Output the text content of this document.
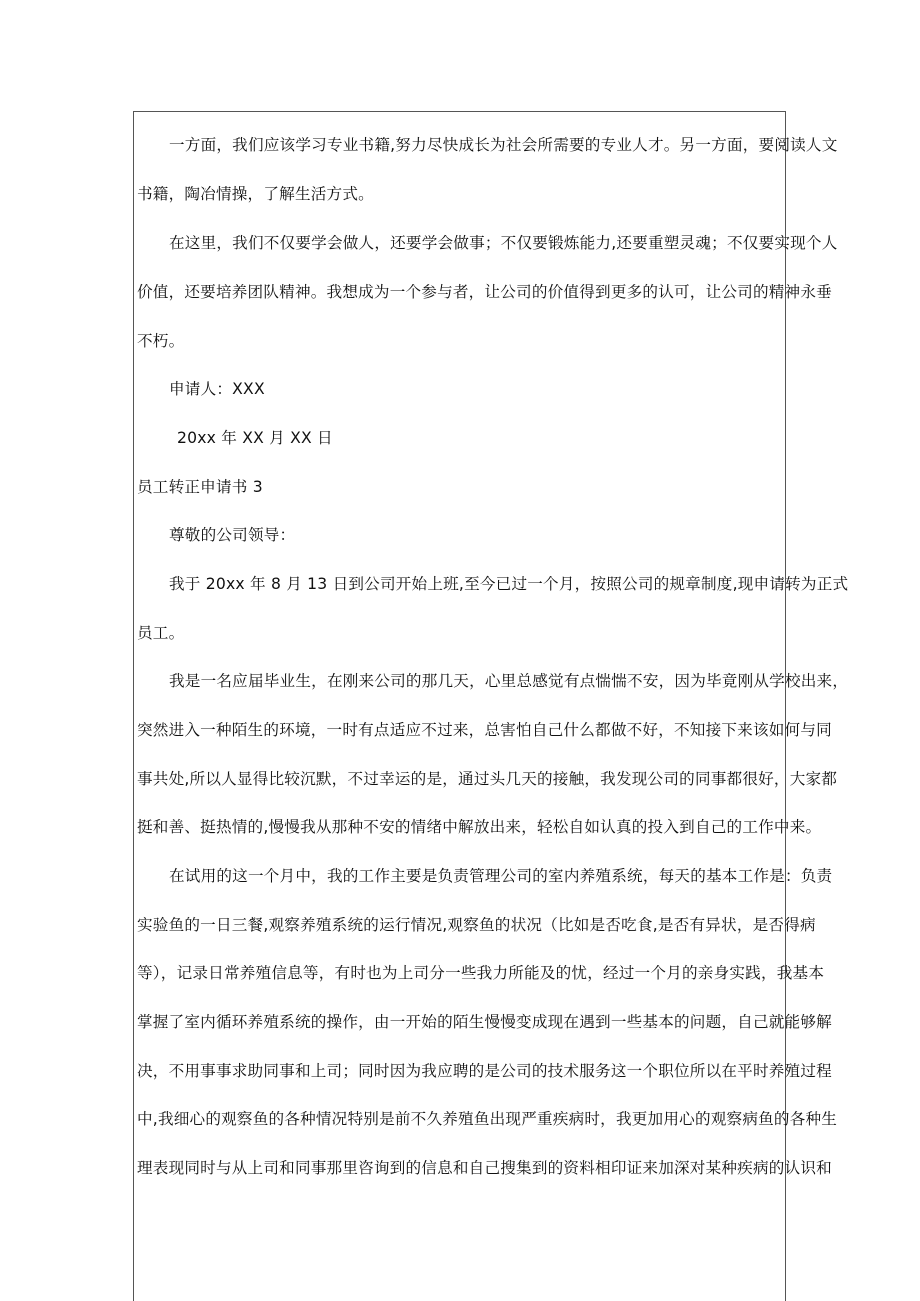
一方面，我们应该学习专业书籍,努力尽快成长为社会所需要的专业人才。另一方面，要阅读人文
书籍，陶冶情操，了解生活方式。
在这里，我们不仅要学会做人，还要学会做事；不仅要锻炼能力,还要重塑灵魂；不仅要实现个人
价值，还要培养团队精神。我想成为一个参与者，让公司的价值得到更多的认可，让公司的精神永垂
不朽。
申请人：XXX
20xx 年 XX 月 XX 日
员工转正申请书 3
尊敬的公司领导：
我于 20xx 年 8 月 13 日到公司开始上班,至今已过一个月，按照公司的规章制度,现申请转为正式
员工。
我是一名应届毕业生，在刚来公司的那几天，心里总感觉有点惴惴不安，因为毕竟刚从学校出来，
突然进入一种陌生的环境，一时有点适应不过来，总害怕自己什么都做不好，不知接下来该如何与同
事共处,所以人显得比较沉默，不过幸运的是，通过头几天的接触，我发现公司的同事都很好，大家都
挺和善、挺热情的,慢慢我从那种不安的情绪中解放出来，轻松自如认真的投入到自己的工作中来。
在试用的这一个月中，我的工作主要是负责管理公司的室内养殖系统，每天的基本工作是：负责
实验鱼的一日三餐,观察养殖系统的运行情况,观察鱼的状况（比如是否吃食,是否有异状，是否得病
等），记录日常养殖信息等，有时也为上司分一些我力所能及的忧，经过一个月的亲身实践，我基本
掌握了室内循环养殖系统的操作，由一开始的陌生慢慢变成现在遇到一些基本的问题，自己就能够解
决，不用事事求助同事和上司；同时因为我应聘的是公司的技术服务这一个职位所以在平时养殖过程
中,我细心的观察鱼的各种情况特别是前不久养殖鱼出现严重疾病时，我更加用心的观察病鱼的各种生
理表现同时与从上司和同事那里咨询到的信息和自己搜集到的资料相印证来加深对某种疾病的认识和
